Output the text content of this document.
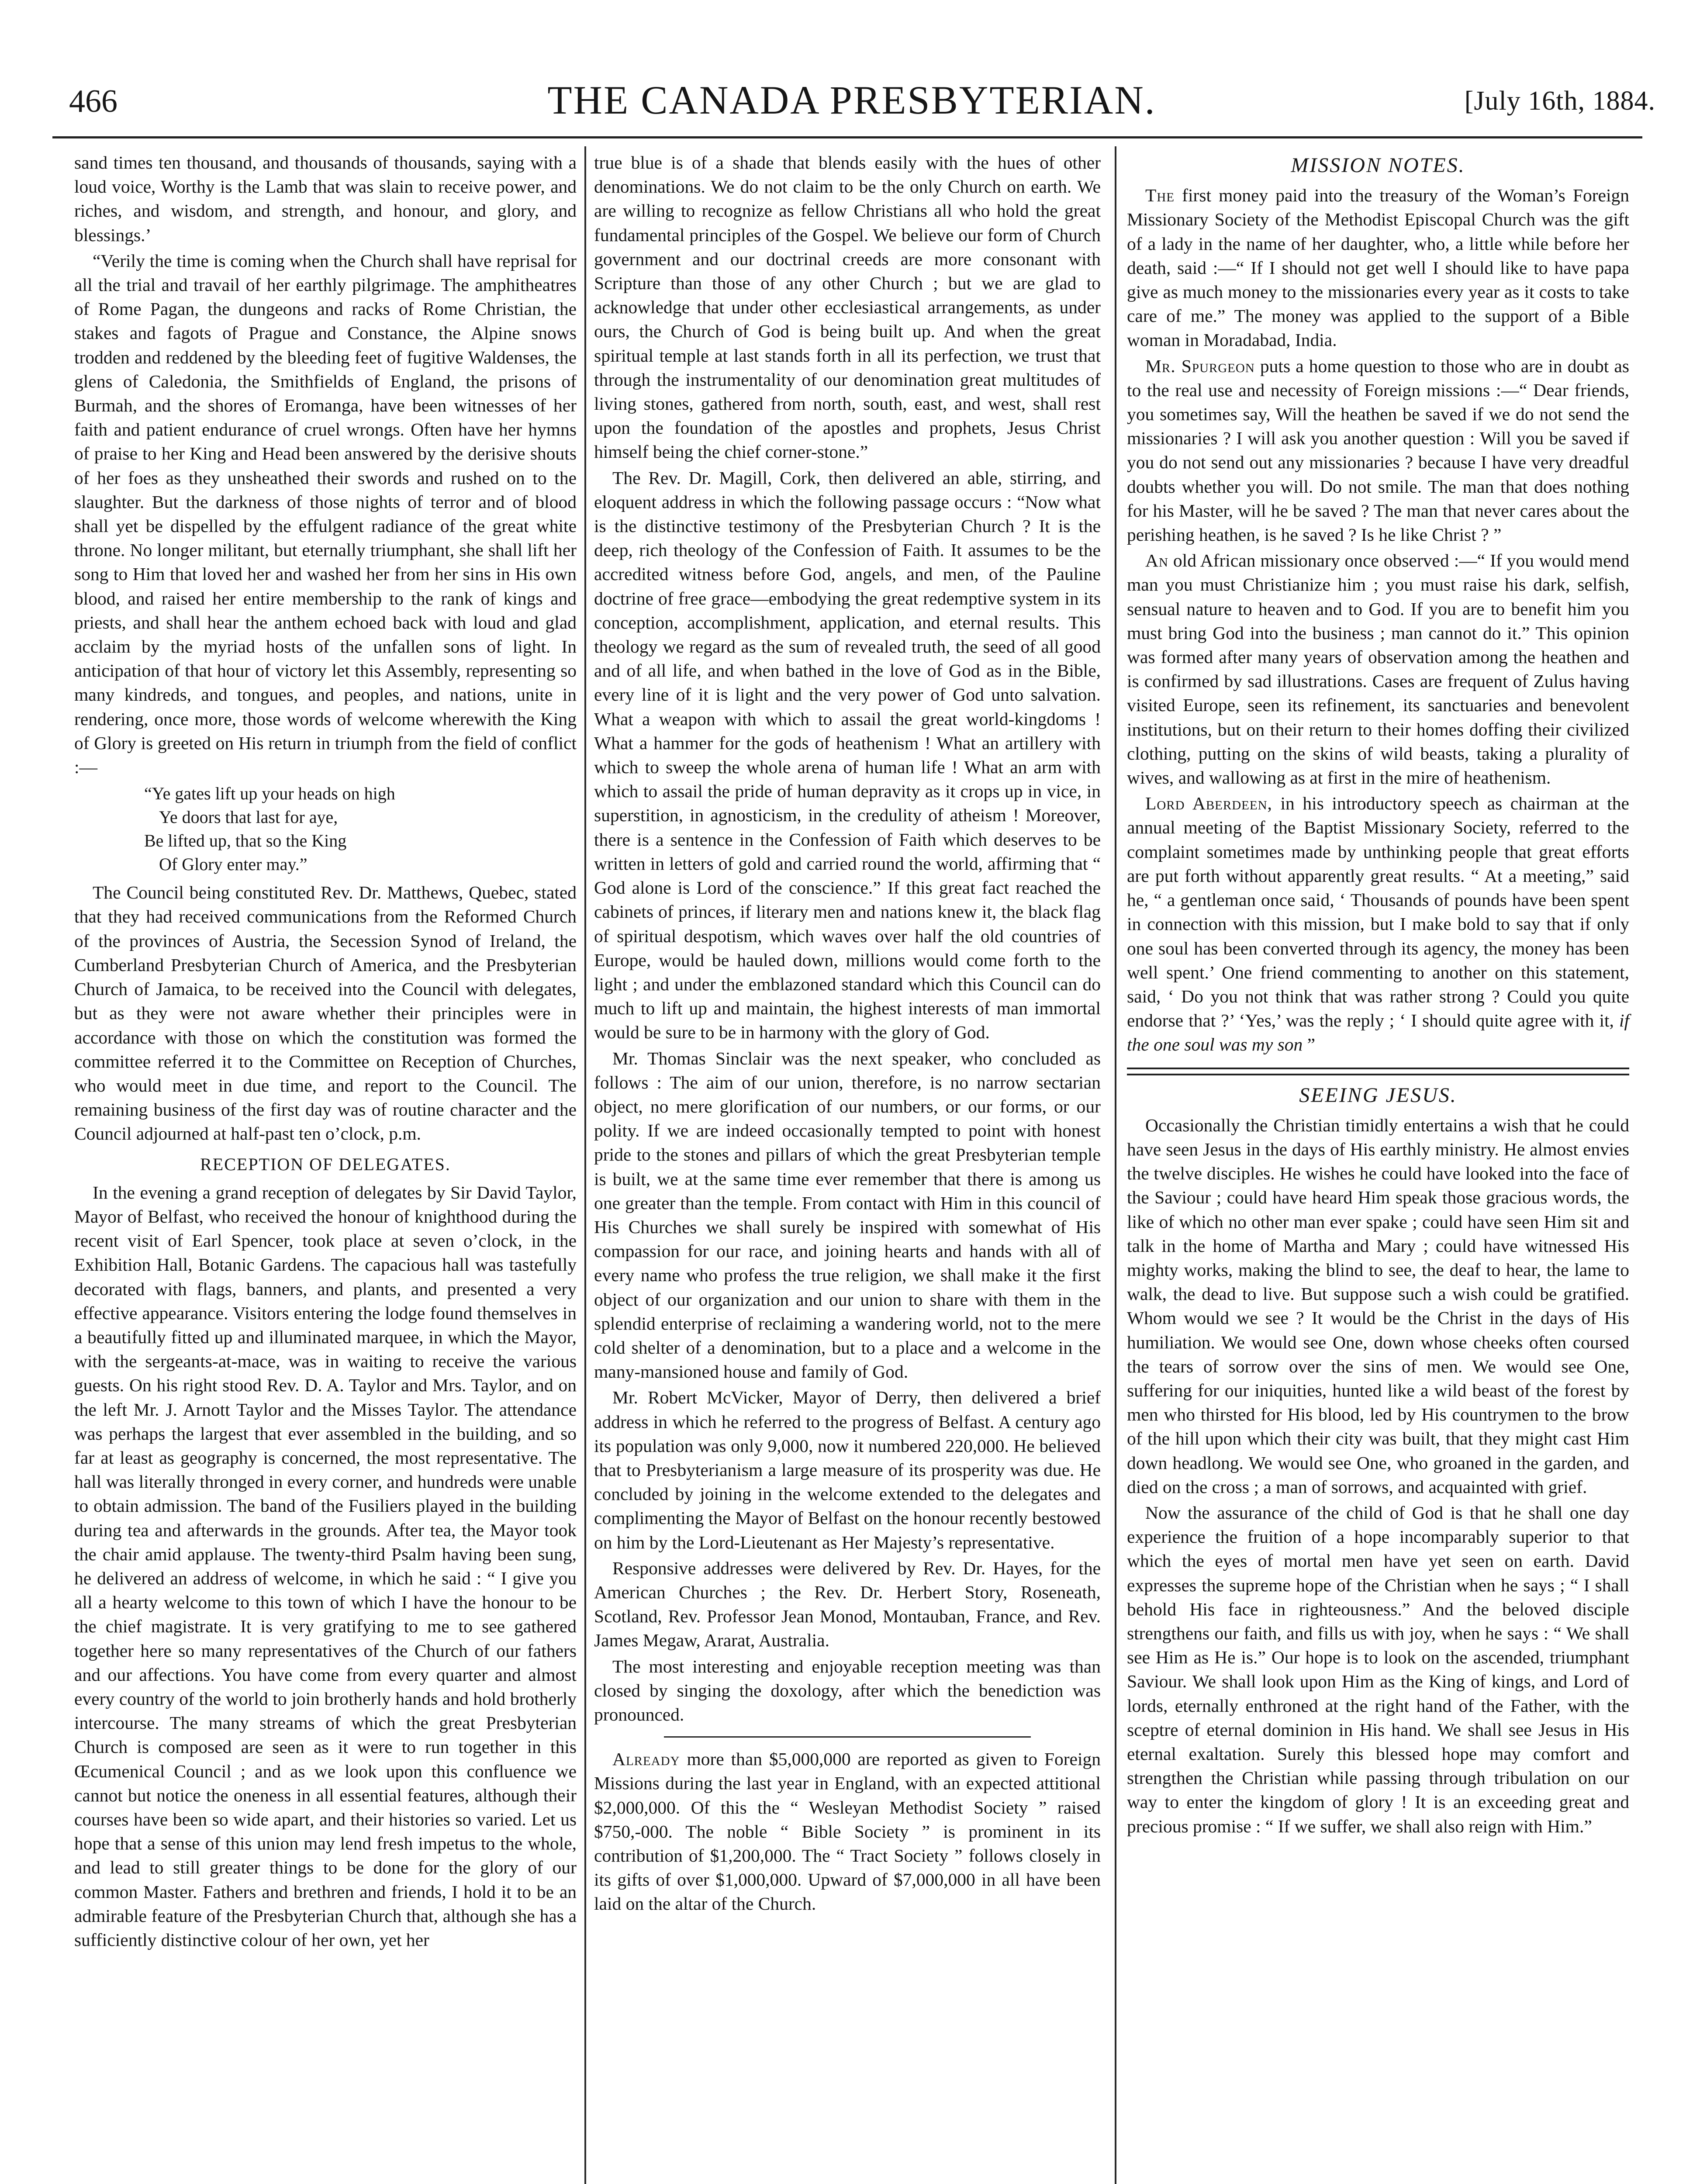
466	THE CANADA PRESBYTERIAN.	[July 16th, 1884.

sand times ten thousand, and thousands of thousands, saying with a loud voice, Worthy is the Lamb that was slain to receive power, and riches, and wisdom, and strength, and honour, and glory, and blessings.’

“Verily the time is coming when the Church shall have reprisal for all the trial and travail of her earthly pilgrimage. The amphitheatres of Rome Pagan, the dungeons and racks of Rome Christian, the stakes and fagots of Prague and Constance, the Alpine snows trodden and reddened by the bleeding feet of fugitive Waldenses, the glens of Caledonia, the Smithfields of England, the prisons of Burmah, and the shores of Eromanga, have been witnesses of her faith and patient endurance of cruel wrongs. Often have her hymns of praise to her King and Head been answered by the derisive shouts of her foes as they unsheathed their swords and rushed on to the slaughter. But the darkness of those nights of terror and of blood shall yet be dispelled by the effulgent radiance of the great white throne. No longer militant, but eternally triumphant, she shall lift her song to Him that loved her and washed her from her sins in His own blood, and raised her entire membership to the rank of kings and priests, and shall hear the anthem echoed back with loud and glad acclaim by the myriad hosts of the unfallen sons of light. In anticipation of that hour of victory let this Assembly, representing so many kindreds, and tongues, and peoples, and nations, unite in rendering, once more, those words of welcome wherewith the King of Glory is greeted on His return in triumph from the field of conflict :—

“Ye gates lift up your heads on high
Ye doors that last for aye,
Be lifted up, that so the King
Of Glory enter may.”

The Council being constituted Rev. Dr. Matthews, Quebec, stated that they had received communications from the Reformed Church of the provinces of Austria, the Secession Synod of Ireland, the Cumberland Presbyterian Church of America, and the Presbyterian Church of Jamaica, to be received into the Council with delegates, but as they were not aware whether their principles were in accordance with those on which the constitution was formed the committee referred it to the Committee on Reception of Churches, who would meet in due time, and report to the Council. The remaining business of the first day was of routine character and the Council adjourned at half-past ten o’clock, p.m.

RECEPTION OF DELEGATES.

In the evening a grand reception of delegates by Sir David Taylor, Mayor of Belfast, who received the honour of knighthood during the recent visit of Earl Spencer, took place at seven o’clock, in the Exhibition Hall, Botanic Gardens. The capacious hall was tastefully decorated with flags, banners, and plants, and presented a very effective appearance. Visitors entering the lodge found themselves in a beautifully fitted up and illuminated marquee, in which the Mayor, with the sergeants-at-mace, was in waiting to receive the various guests. On his right stood Rev. D. A. Taylor and Mrs. Taylor, and on the left Mr. J. Arnott Taylor and the Misses Taylor. The attendance was perhaps the largest that ever assembled in the building, and so far at least as geography is concerned, the most representative. The hall was literally thronged in every corner, and hundreds were unable to obtain admission. The band of the Fusiliers played in the building during tea and afterwards in the grounds. After tea, the Mayor took the chair amid applause. The twenty-third Psalm having been sung, he delivered an address of welcome, in which he said : “ I give you all a hearty welcome to this town of which I have the honour to be the chief magistrate. It is very gratifying to me to see gathered together here so many representatives of the Church of our fathers and our affections. You have come from every quarter and almost every country of the world to join brotherly hands and hold brotherly intercourse. The many streams of which the great Presbyterian Church is composed are seen as it were to run together in this Œcumenical Council ; and as we look upon this confluence we cannot but notice the oneness in all essential features, although their courses have been so wide apart, and their histories so varied. Let us hope that a sense of this union may lend fresh impetus to the whole, and lead to still greater things to be done for the glory of our common Master. Fathers and brethren and friends, I hold it to be an admirable feature of the Presbyterian Church that, although she has a sufficiently distinctive colour of her own, yet her

true blue is of a shade that blends easily with the hues of other denominations. We do not claim to be the only Church on earth. We are willing to recognize as fellow Christians all who hold the great fundamental principles of the Gospel. We believe our form of Church government and our doctrinal creeds are more consonant with Scripture than those of any other Church ; but we are glad to acknowledge that under other ecclesiastical arrangements, as under ours, the Church of God is being built up. And when the great spiritual temple at last stands forth in all its perfection, we trust that through the instrumentality of our denomination great multitudes of living stones, gathered from north, south, east, and west, shall rest upon the foundation of the apostles and prophets, Jesus Christ himself being the chief corner-stone.”

The Rev. Dr. Magill, Cork, then delivered an able, stirring, and eloquent address in which the following passage occurs : “Now what is the distinctive testimony of the Presbyterian Church ? It is the deep, rich theology of the Confession of Faith. It assumes to be the accredited witness before God, angels, and men, of the Pauline doctrine of free grace—embodying the great redemptive system in its conception, accomplishment, application, and eternal results. This theology we regard as the sum of revealed truth, the seed of all good and of all life, and when bathed in the love of God as in the Bible, every line of it is light and the very power of God unto salvation. What a weapon with which to assail the great world-kingdoms ! What a hammer for the gods of heathenism ! What an artillery with which to sweep the whole arena of human life ! What an arm with which to assail the pride of human depravity as it crops up in vice, in superstition, in agnosticism, in the credulity of atheism ! Moreover, there is a sentence in the Confession of Faith which deserves to be written in letters of gold and carried round the world, affirming that “ God alone is Lord of the conscience.” If this great fact reached the cabinets of princes, if literary men and nations knew it, the black flag of spiritual despotism, which waves over half the old countries of Europe, would be hauled down, millions would come forth to the light ; and under the emblazoned standard which this Council can do much to lift up and maintain, the highest interests of man immortal would be sure to be in harmony with the glory of God.

Mr. Thomas Sinclair was the next speaker, who concluded as follows : The aim of our union, therefore, is no narrow sectarian object, no mere glorification of our numbers, or our forms, or our polity. If we are indeed occasionally tempted to point with honest pride to the stones and pillars of which the great Presbyterian temple is built, we at the same time ever remember that there is among us one greater than the temple. From contact with Him in this council of His Churches we shall surely be inspired with somewhat of His compassion for our race, and joining hearts and hands with all of every name who profess the true religion, we shall make it the first object of our organization and our union to share with them in the splendid enterprise of reclaiming a wandering world, not to the mere cold shelter of a denomination, but to a place and a welcome in the many-mansioned house and family of God.

Mr. Robert McVicker, Mayor of Derry, then delivered a brief address in which he referred to the progress of Belfast. A century ago its population was only 9,000, now it numbered 220,000. He believed that to Presbyterianism a large measure of its prosperity was due. He concluded by joining in the welcome extended to the delegates and complimenting the Mayor of Belfast on the honour recently bestowed on him by the Lord-Lieutenant as Her Majesty’s representative.

Responsive addresses were delivered by Rev. Dr. Hayes, for the American Churches ; the Rev. Dr. Herbert Story, Roseneath, Scotland, Rev. Professor Jean Monod, Montauban, France, and Rev. James Megaw, Ararat, Australia.

The most interesting and enjoyable reception meeting was than closed by singing the doxology, after which the benediction was pronounced.

Already more than $5,000,000 are reported as given to Foreign Missions during the last year in England, with an expected attitional $2,000,000. Of this the “ Wesleyan Methodist Society ” raised $750,-000. The noble “ Bible Society ” is prominent in its contribution of $1,200,000. The “ Tract Society ” follows closely in its gifts of over $1,000,000. Upward of $7,000,000 in all have been laid on the altar of the Church.

MISSION NOTES.

The first money paid into the treasury of the Woman’s Foreign Missionary Society of the Methodist Episcopal Church was the gift of a lady in the name of her daughter, who, a little while before her death, said :—“ If I should not get well I should like to have papa give as much money to the missionaries every year as it costs to take care of me.” The money was applied to the support of a Bible woman in Moradabad, India.

Mr. Spurgeon puts a home question to those who are in doubt as to the real use and necessity of Foreign missions :—“ Dear friends, you sometimes say, Will the heathen be saved if we do not send the missionaries ? I will ask you another question : Will you be saved if you do not send out any missionaries ? because I have very dreadful doubts whether you will. Do not smile. The man that does nothing for his Master, will he be saved ? The man that never cares about the perishing heathen, is he saved ? Is he like Christ ? ”

An old African missionary once observed :—“ If you would mend man you must Christianize him ; you must raise his dark, selfish, sensual nature to heaven and to God. If you are to benefit him you must bring God into the business ; man cannot do it.” This opinion was formed after many years of observation among the heathen and is confirmed by sad illustrations. Cases are frequent of Zulus having visited Europe, seen its refinement, its sanctuaries and benevolent institutions, but on their return to their homes doffing their civilized clothing, putting on the skins of wild beasts, taking a plurality of wives, and wallowing as at first in the mire of heathenism.

Lord Aberdeen, in his introductory speech as chairman at the annual meeting of the Baptist Missionary Society, referred to the complaint sometimes made by unthinking people that great efforts are put forth without apparently great results. “ At a meeting,” said he, “ a gentleman once said, ‘ Thousands of pounds have been spent in connection with this mission, but I make bold to say that if only one soul has been converted through its agency, the money has been well spent.’ One friend commenting to another on this statement, said, ‘ Do you not think that was rather strong ? Could you quite endorse that ?’ ‘Yes,’ was the reply ; ‘ I should quite agree with it, if the one soul was my son ”

SEEING JESUS.

Occasionally the Christian timidly entertains a wish that he could have seen Jesus in the days of His earthly ministry. He almost envies the twelve disciples. He wishes he could have looked into the face of the Saviour ; could have heard Him speak those gracious words, the like of which no other man ever spake ; could have seen Him sit and talk in the home of Martha and Mary ; could have witnessed His mighty works, making the blind to see, the deaf to hear, the lame to walk, the dead to live. But suppose such a wish could be gratified. Whom would we see ? It would be the Christ in the days of His humiliation. We would see One, down whose cheeks often coursed the tears of sorrow over the sins of men. We would see One, suffering for our iniquities, hunted like a wild beast of the forest by men who thirsted for His blood, led by His countrymen to the brow of the hill upon which their city was built, that they might cast Him down headlong. We would see One, who groaned in the garden, and died on the cross ; a man of sorrows, and acquainted with grief.

Now the assurance of the child of God is that he shall one day experience the fruition of a hope incomparably superior to that which the eyes of mortal men have yet seen on earth. David expresses the supreme hope of the Christian when he says ; “ I shall behold His face in righteousness.” And the beloved disciple strengthens our faith, and fills us with joy, when he says : “ We shall see Him as He is.” Our hope is to look on the ascended, triumphant Saviour. We shall look upon Him as the King of kings, and Lord of lords, eternally enthroned at the right hand of the Father, with the sceptre of eternal dominion in His hand. We shall see Jesus in His eternal exaltation. Surely this blessed hope may comfort and strengthen the Christian while passing through tribulation on our way to enter the kingdom of glory ! It is an exceeding great and precious promise : “ If we suffer, we shall also reign with Him.”
